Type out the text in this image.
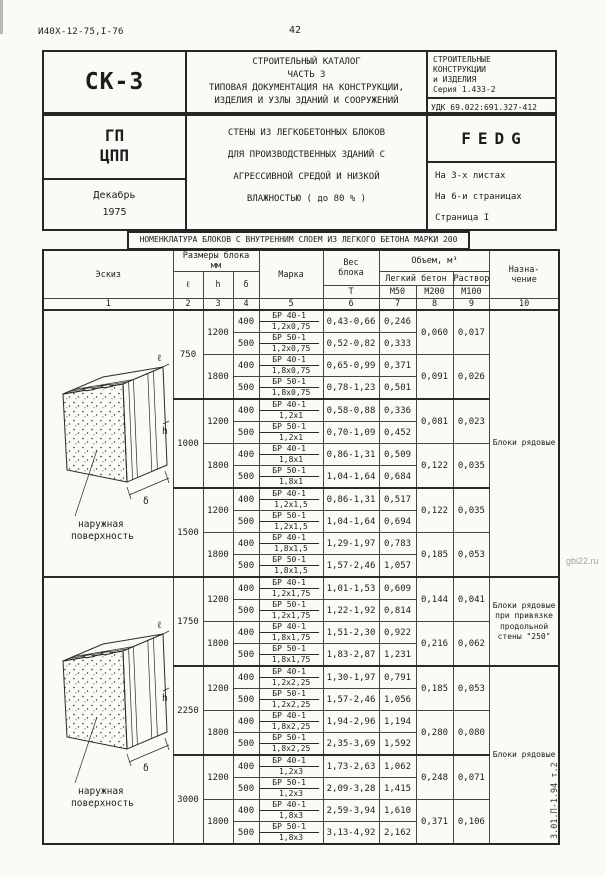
И40Х-12-75,I-76	42
СК-3
СТРОИТЕЛЬНЫЙ КАТАЛОГ
ЧАСТЬ 3
ТИПОВАЯ ДОКУМЕНТАЦИЯ НА КОНСТРУКЦИИ,
ИЗДЕЛИЯ И УЗЛЫ ЗДАНИЙ И СООРУЖЕНИЙ
СТРОИТЕЛЬНЫЕ
КОНСТРУКЦИИ
и ИЗДЕЛИЯ
Серия 1.433-2
УДК 69.022:691.327-412
ГП
ЦПП
Декабрь
1975
СТЕНЫ ИЗ ЛЕГКОБЕТОННЫХ БЛОКОВ
ДЛЯ ПРОИЗВОДСТВЕННЫХ ЗДАНИЙ С
АГРЕССИВНОЙ СРЕДОЙ И НИЗКОЙ
ВЛАЖНОСТЬЮ ( до 80 % )
FEDG
На 3-х листах
На 6-и страницах
Страница I
НОМЕНКЛАТУРА БЛОКОВ С ВНУТРЕННИМ СЛОЕМ ИЗ ЛЕГКОГО БЕТОНА МАРКИ 200
Эскиз	
Размеры блока
мм
	Марка	
Вес
блока
	Объем, м³	
Назна-
чение

	ℓ	h	δ			Легкий бетон		Раствор	
					Т	М50	М200	М100	
1	2	3	4	5	6	7	8	9	10

ℓ
h
δ
наружная
поверхность	750	1200	400	БР 40-1
1,2х0,75	0,43-0,66	0,246	0,060	0,017	Блоки рядовые
			500	БР 50-1
1,2х0,75	0,52-0,82	0,333			
		1800	400	БР 40-1
1,8х0,75	0,65-0,99	0,371	0,091	0,026	
			500	БР 50-1
1,8х0,75	0,78-1,23	0,501			
	1000	1200	400	БР 40-1
1,2х1	0,58-0,88	0,336	0,081	0,023	
			500	БР 50-1
1,2х1	0,70-1,09	0,452			
		1800	400	БР 40-1
1,8х1	0,86-1,31	0,509	0,122	0,035	
			500	БР 50-1
1,8х1	1,04-1,64	0,684			
	1500	1200	400	БР 40-1
1,2х1,5	0,86-1,31	0,517	0,122	0,035	
			500	БР 50-1
1,2х1,5	1,04-1,64	0,694			
		1800	400	БР 40-1
1,8х1,5	1,29-1,97	0,783	0,185	0,053	
			500	БР 50-1
1,8х1,5	1,57-2,46	1,057			

ℓ
h
δ
наружная
поверхность	1750	1200	400	БР 40-1
1,2х1,75	1,01-1,53	0,609	0,144	0,041	Блоки рядовые при привязке продольной стены "250"
			500	БР 50-1
1,2х1,75	1,22-1,92	0,814			
		1800	400	БР 40-1
1,8х1,75	1,51-2,30	0,922	0,216	0,062	
			500	БР 50-1
1,8х1,75	1,83-2,87	1,231			
	2250	1200	400	БР 40-1
1,2х2,25	1,30-1,97	0,791	0,185	0,053	Блоки рядовые
			500	БР 50-1
1,2х2,25	1,57-2,46	1,056			
		1800	400	БР 40-1
1,8х2,25	1,94-2,96	1,194	0,280	0,080	
			500	БР 50-1
1,8х2,25	2,35-3,69	1,592			
	3000	1200	400	БР 40-1
1,2х3	1,73-2,63	1,062	0,248	0,071	
			500	БР 50-1
1,2х3	2,09-3,28	1,415			
		1800	400	БР 40-1
1,8х3	2,59-3,94	1,610	0,371	0,106	
			500	БР 50-1
1,8х3	3,13-4,92	2,162			
gbi22.ru
3.01.П-1.94 т.2
